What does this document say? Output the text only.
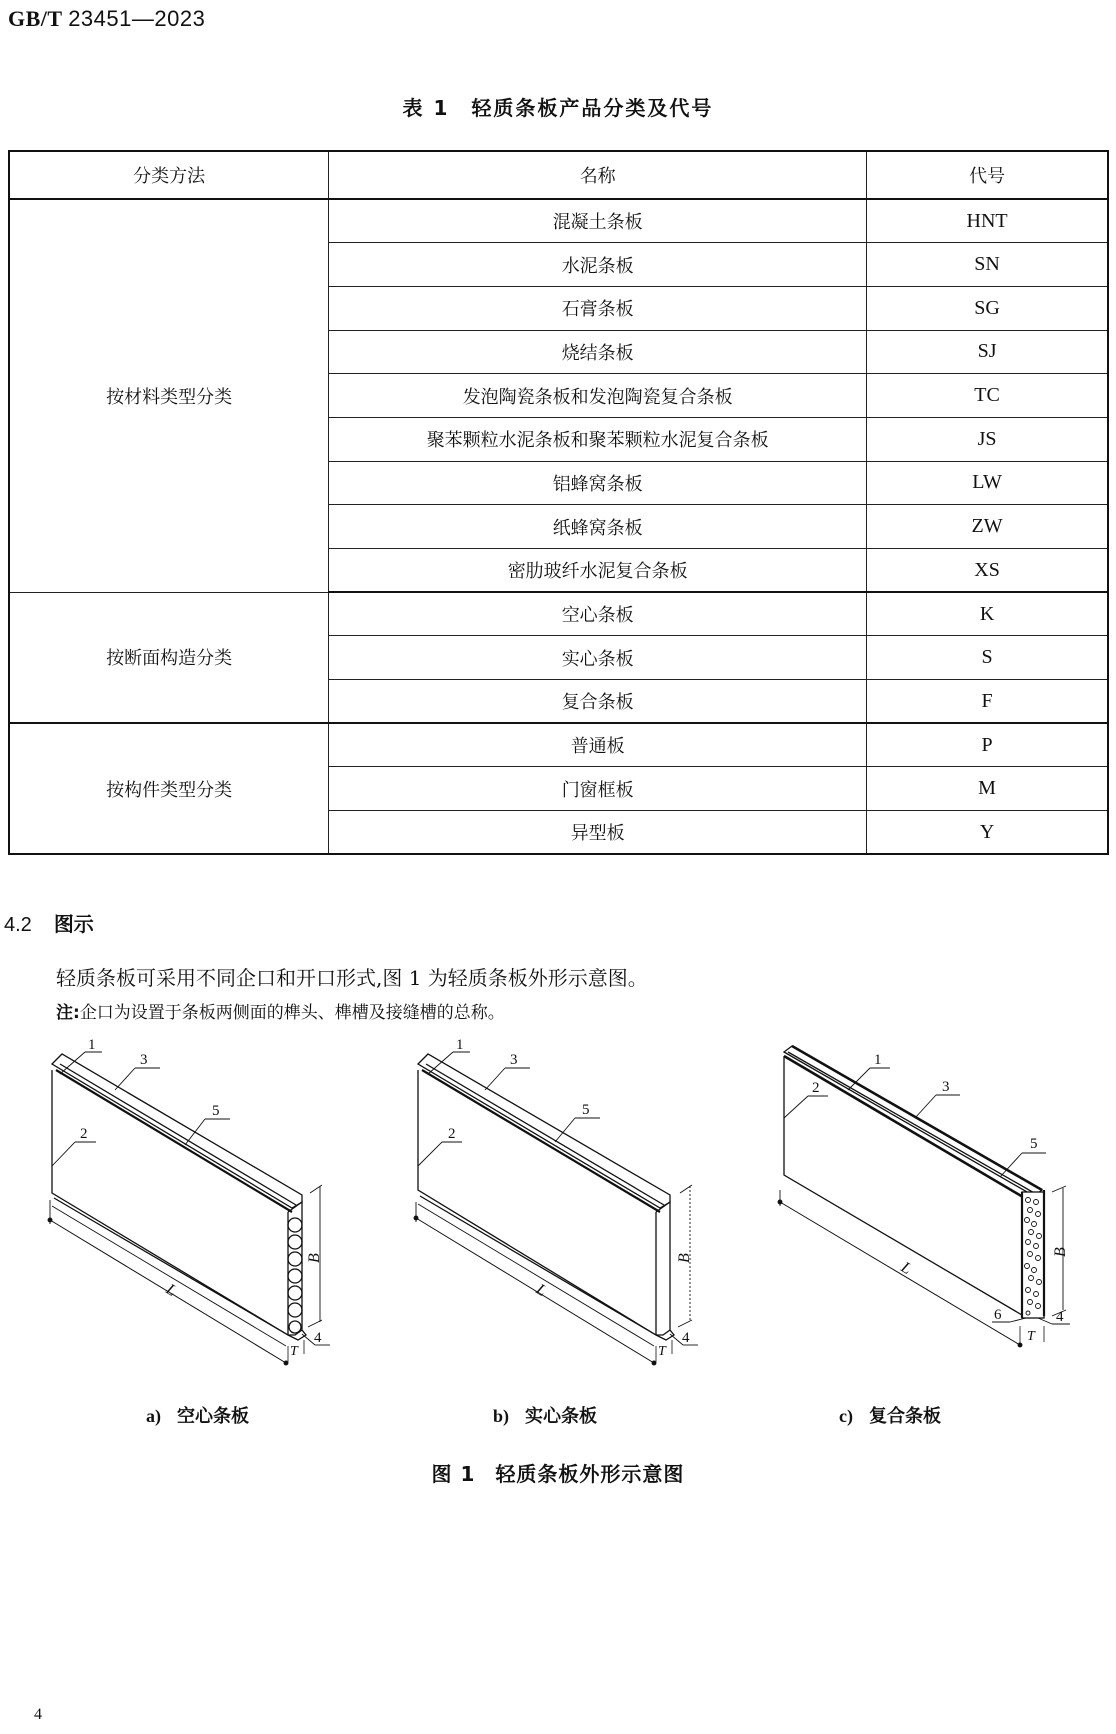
GB/T 23451—2023
表 1 轻质条板产品分类及代号
分类方法	名称	代号
按材料类型分类	混凝土条板	HNT
	水泥条板	SN
	石膏条板	SG
	烧结条板	SJ
	发泡陶瓷条板和发泡陶瓷复合条板	TC
	聚苯颗粒水泥条板和聚苯颗粒水泥复合条板	JS
	铝蜂窝条板	LW
	纸蜂窝条板	ZW
	密肋玻纤水泥复合条板	XS
按断面构造分类	空心条板	K
	实心条板	S
	复合条板	F
按构件类型分类	普通板	P
	门窗框板	M
	异型板	Y
4.2 图示
轻质条板可采用不同企口和开口形式,图 1 为轻质条板外形示意图。
注:企口为设置于条板两侧面的榫头、榫槽及接缝槽的总称。
L
B
T
1
3
2
5
4
L
B
T
1
3
2
5
4
L
B
T
1
2	3
5
6	4
a) 空心条板	b) 实心条板	c) 复合条板
图 1 轻质条板外形示意图
4
